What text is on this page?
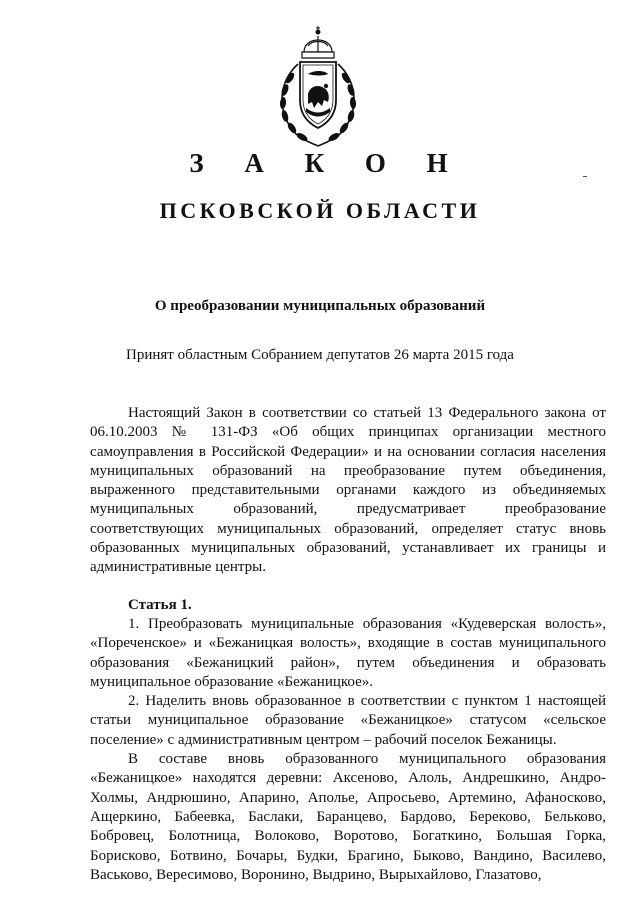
З А К О Н
ПСКОВСКОЙ ОБЛАСТИ
О преобразовании муниципальных образований
Принят областным Собранием депутатов 26 марта 2015 года

Настоящий Закон в соответствии со статьей 13 Федерального закона от 06.10.2003 № 131-ФЗ «Об общих принципах организации местного самоуправления в Российской Федерации» и на основании согласия населения муниципальных образований на преобразование путем объединения, выраженного представительными органами каждого из объединяемых муниципальных образований, предусматривает преобразование соответствующих муниципальных образований, определяет статус вновь образованных муниципальных образований, устанавливает их границы и административные центры.

Статья 1.

1. Преобразовать муниципальные образования «Кудеверская волость», «Пореченское» и «Бежаницкая волость», входящие в состав муниципального образования «Бежаницкий район», путем объединения и образовать муниципальное образование «Бежаницкое».

2. Наделить вновь образованное в соответствии с пунктом 1 настоящей статьи муниципальное образование «Бежаницкое» статусом «сельское поселение» с административным центром – рабочий поселок Бежаницы.

В составе вновь образованного муниципального образования «Бежаницкое» находятся деревни: Аксеново, Алоль, Андрешкино, Андро-Холмы, Андрюшино, Апарино, Аполье, Апросьево, Артемино, Афаносково, Ащеркино, Бабеевка, Баслаки, Баранцево, Бардово, Береково, Бельково, Бобровец, Болотница, Волоково, Воротово, Богаткино, Большая Горка, Борисково, Ботвино, Бочары, Будки, Брагино, Быково, Вандино, Василево, Васьково, Вересимово, Воронино, Выдрино, Вырыхайлово, Глазатово,
